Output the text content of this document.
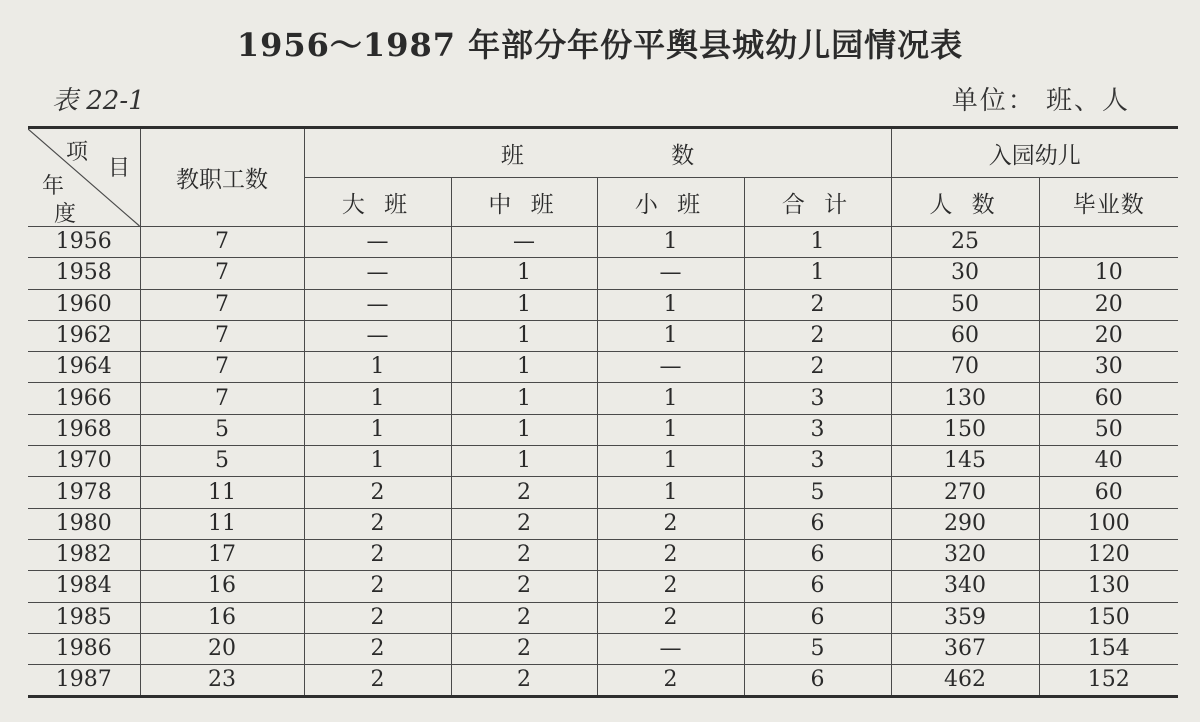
1956～1987 年部分年份平舆县城幼儿园情况表
表 22-1	单位： 班、人
项
目
年
度	教职工数	班 数				入园幼儿	
		大 班	中 班	小 班	合 计	人 数	毕业数
1956	7	—	—	1	1	25	
1958	7	—	1	—	1	30	10
1960	7	—	1	1	2	50	20
1962	7	—	1	1	2	60	20
1964	7	1	1	—	2	70	30
1966	7	1	1	1	3	130	60
1968	5	1	1	1	3	150	50
1970	5	1	1	1	3	145	40
1978	11	2	2	1	5	270	60
1980	11	2	2	2	6	290	100
1982	17	2	2	2	6	320	120
1984	16	2	2	2	6	340	130
1985	16	2	2	2	6	359	150
1986	20	2	2	—	5	367	154
1987	23	2	2	2	6	462	152
